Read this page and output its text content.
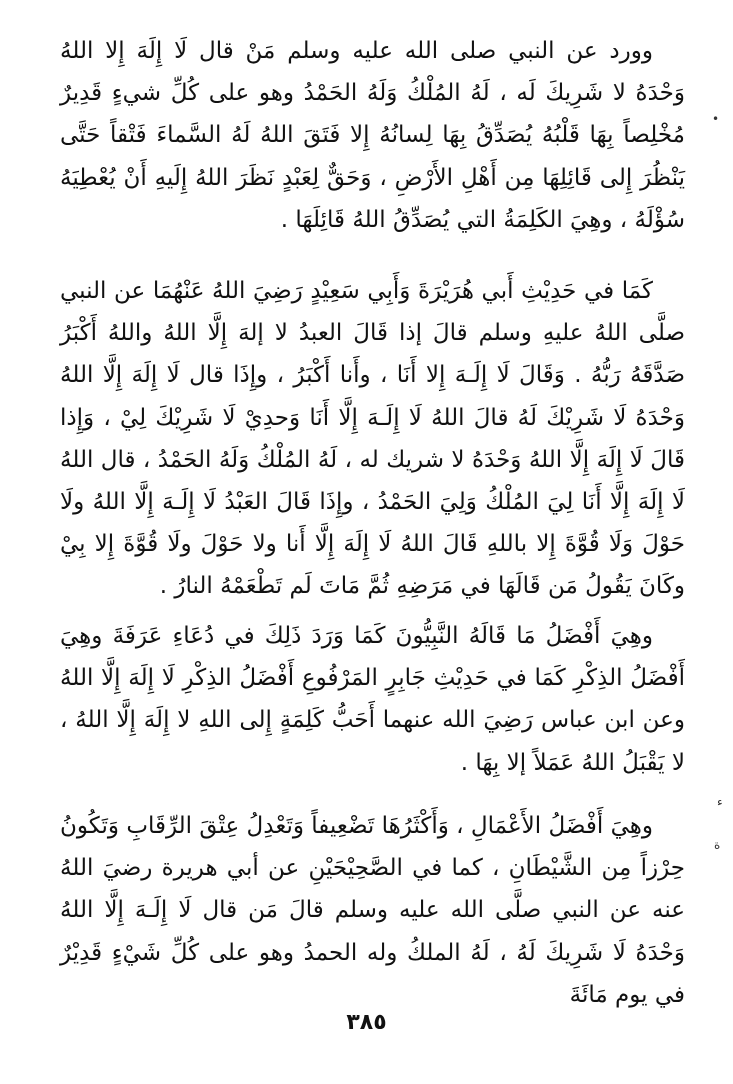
وورد عن النبي صلى الله عليه وسلم مَنْ قال لَا إِلَهَ إِلا اللهُ وَحْدَهُ لا شَرِيكَ لَه ، لَهُ المُلْكُ وَلَهُ الحَمْدُ وهو على كُلِّ شيءٍ قَدِيرٌ مُخْلِصاً بِهَا قَلْبُهُ يُصَدِّقُ بِهَا لِسانُهُ إِلا فَتَقَ اللهُ لَهُ السَّماءَ فَتْقاً حَتَّى يَنْظُرَ إِلى قَائِلِهَا مِن أَهْلِ الأَرْضِ ، وَحَقٌّ لِعَبْدٍ نَظَرَ اللهُ إِلَيهِ أَنْ يُعْطِيَهُ سُؤْلَهُ ، وهِيَ الكَلِمَةُ التي يُصَدِّقُ اللهُ قَائِلَهَا .

كَمَا في حَدِيْثِ أَبي هُرَيْرَةَ وَأَبِي سَعِيْدٍ رَضِيَ اللهُ عَنْهُمَا عن النبي صلَّى اللهُ عليهِ وسلم قالَ إذا قَالَ العبدُ لا إلهَ إِلَّا اللهُ واللهُ أَكْبَرُ صَدَّقَهُ رَبُّهُ . وَقَالَ لَا إِلَـهَ إِلا أَنَا ، وأَنا أَكْبَرُ ، وإِذَا قال لَا إِلَهَ إِلَّا اللهُ وَحْدَهُ لَا شَرِيْكَ لَهُ قالَ اللهُ لَا إِلَـهَ إِلَّا أَنَا وَحدِيْ لَا شَرِيْكَ لِيْ ، وَإِذا قَالَ لَا إِلَهَ إِلَّا اللهُ وَحْدَهُ لا شريك له ، لَهُ المُلْكُ وَلَهُ الحَمْدُ ، قال اللهُ لَا إِلَهَ إِلَّا أَنَا لِيَ المُلْكُ وَلِيَ الحَمْدُ ، وإِذَا قَالَ العَبْدُ لَا إِلَـهَ إِلَّا اللهُ ولَا حَوْلَ وَلَا قُوَّةَ إِلا باللهِ قَالَ اللهُ لَا إِلَهَ إِلَّا أَنا ولا حَوْلَ ولَا قُوَّةَ إِلا بِيْ وكَانَ يَقُولُ مَن قَالَهَا في مَرَضِهِ ثُمَّ مَاتَ لَم تَطْعَمْهُ النارُ .

وهِيَ أَفْضَلُ مَا قَالَهُ النَّبِيُّونَ كَمَا وَرَدَ ذَلِكَ في دُعَاءِ عَرَفَةَ وهِيَ أَفْضَلُ الذِكْرِ كَمَا في حَدِيْثِ جَابِرٍ المَرْفُوعِ أَفْضَلُ الذِكْرِ لَا إِلَهَ إِلَّا اللهُ وعن ابن عباس رَضِيَ الله عنهما أَحَبُّ كَلِمَةٍ إِلى اللهِ لا إِلَهَ إِلَّا اللهُ ، لا يَقْبَلُ اللهُ عَمَلاً إلا بِهَا .

وهِيَ أَفْضَلُ الأَعْمَالِ ، وَأَكْثَرُهَا تَضْعِيفاً وَتَعْدِلُ عِتْقَ الرِّقَابِ وَتَكُونُ حِرْزاً مِن الشَّيْطَانِ ، كما في الصَّحِيْحَيْنِ عن أبي هريرة رضيَ اللهُ عنه عن النبي صلَّى الله عليه وسلم قالَ مَن قال لَا إِلَـهَ إِلَّا اللهُ وَحْدَهُ لَا شَرِيكَ لَهُ ، لَهُ الملكُ وله الحمدُ وهو على كُلِّ شَيْءٍ قَدِيْرٌ في يوم مَائَةَ

•
ء
ة
٣٨٥
